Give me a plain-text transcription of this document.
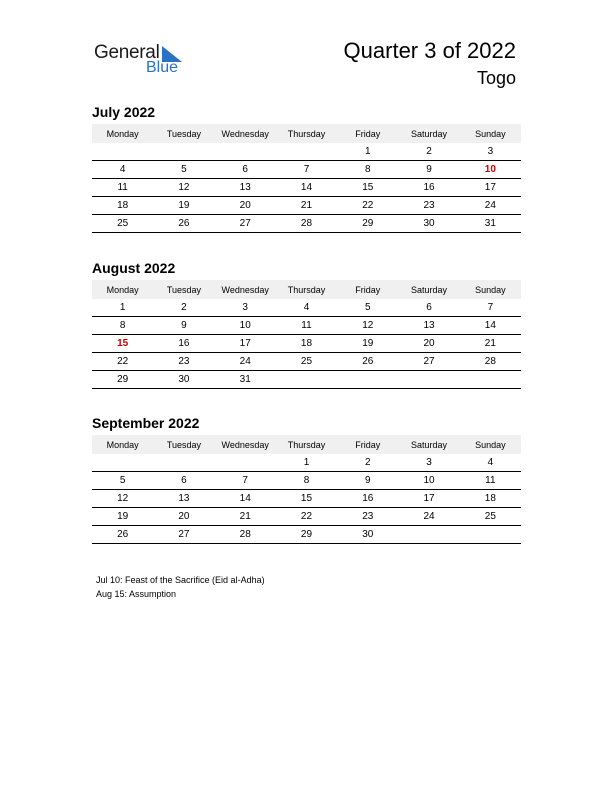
General
Blue
Quarter 3 of 2022
Togo
July 2022
Monday	Tuesday	Wednesday	Thursday	Friday	Saturday	Sunday
				1	2	3
4	5	6	7	8	9	10
11	12	13	14	15	16	17
18	19	20	21	22	23	24
25	26	27	28	29	30	31
August 2022
Monday	Tuesday	Wednesday	Thursday	Friday	Saturday	Sunday
1	2	3	4	5	6	7
8	9	10	11	12	13	14
15	16	17	18	19	20	21
22	23	24	25	26	27	28
29	30	31				
September 2022
Monday	Tuesday	Wednesday	Thursday	Friday	Saturday	Sunday
			1	2	3	4
5	6	7	8	9	10	11
12	13	14	15	16	17	18
19	20	21	22	23	24	25
26	27	28	29	30		
Jul 10: Feast of the Sacrifice (Eid al-Adha)
Aug 15: Assumption
